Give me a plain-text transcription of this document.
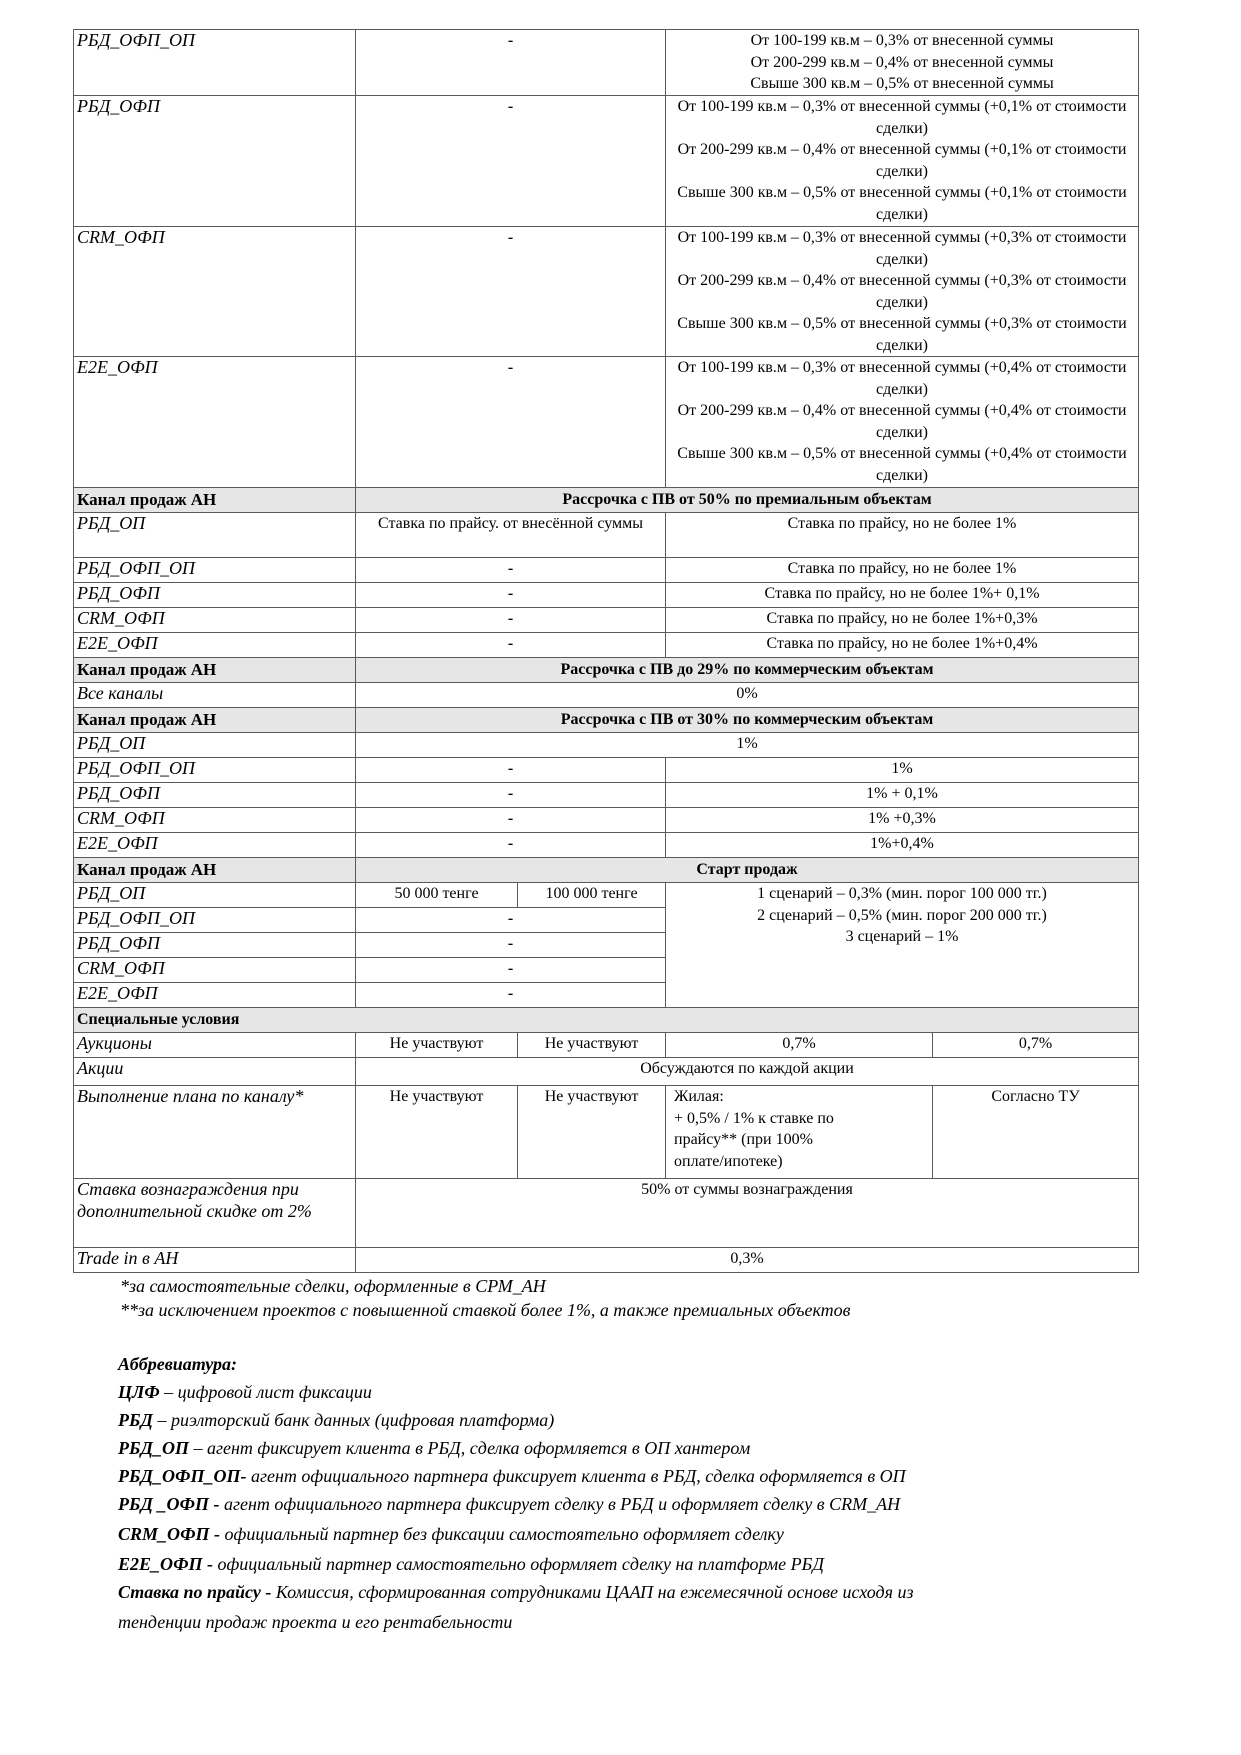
РБД_ОФП_ОП	-		От 100-199 кв.м – 0,3% от внесенной суммы
От 200-299 кв.м – 0,4% от внесенной суммы
Свыше 300 кв.м – 0,5% от внесенной суммы	

РБД_ОФП	-		От 100-199 кв.м – 0,3% от внесенной суммы (+0,1% от стоимости сделки)
От 200-299 кв.м – 0,4% от внесенной суммы (+0,1% от стоимости сделки)
Свыше 300 кв.м – 0,5% от внесенной суммы (+0,1% от стоимости сделки)	

CRM_ОФП	-		От 100-199 кв.м – 0,3% от внесенной суммы (+0,3% от стоимости сделки)
От 200-299 кв.м – 0,4% от внесенной суммы (+0,3% от стоимости сделки)
Свыше 300 кв.м – 0,5% от внесенной суммы (+0,3% от стоимости сделки)	

E2E_ОФП	-		От 100-199 кв.м – 0,3% от внесенной суммы (+0,4% от стоимости сделки)
От 200-299 кв.м – 0,4% от внесенной суммы (+0,4% от стоимости сделки)
Свыше 300 кв.м – 0,5% от внесенной суммы (+0,4% от стоимости сделки)	

Канал продаж АН	Рассрочка с ПВ от 50% по премиальным объектам			
РБД_ОП	Ставка по прайсу. от внесённой суммы		Ставка по прайсу, но не более 1%	
РБД_ОФП_ОП	-		Ставка по прайсу, но не более 1%	
РБД_ОФП	-		Ставка по прайсу, но не более 1%+ 0,1%	
CRM_ОФП	-		Ставка по прайсу, но не более 1%+0,3%	
E2E_ОФП	-		Ставка по прайсу, но не более 1%+0,4%	
Канал продаж АН	Рассрочка с ПВ до 29% по коммерческим объектам			
Все каналы	0%			
Канал продаж АН	Рассрочка с ПВ от 30% по коммерческим объектам			
РБД_ОП	1%			
РБД_ОФП_ОП	-		1%	
РБД_ОФП	-		1% + 0,1%	
CRM_ОФП	-		1% +0,3%	
E2E_ОФП	-		1%+0,4%	
Канал продаж АН	Старт продаж			
РБД_ОП	50 000 тенге	100 000 тенге	1 сценарий – 0,3% (мин. порог 100 000 тг.)
2 сценарий – 0,5% (мин. порог 200 000 тг.)
3 сценарий – 1%	

РБД_ОФП_ОП	-			
РБД_ОФП	-			
CRM_ОФП	-			
E2E_ОФП	-			
Специальные условия				
Аукционы	Не участвуют	Не участвуют	0,7%	0,7%
Акции	Обсуждаются по каждой акции			
Выполнение плана по каналу*	Не участвуют	Не участвуют	Жилая:
+ 0,5% / 1% к ставке по
прайсу** (при 100%
оплате/ипотеке)	Согласно ТУ
Ставка вознаграждения при дополнительной скидке от 2%	50% от суммы вознаграждения			
Trade in в АН	0,3%			
*за самостоятельные сделки, оформленные в СРМ_АН
**за исключением проектов с повышенной ставкой более 1%, а также премиальных объектов
Аббревиатура:
ЦЛФ – цифровой лист фиксации
РБД – риэлторский банк данных (цифровая платформа)
РБД_ОП – агент фиксирует клиента в РБД, сделка оформляется в ОП хантером
РБД_ОФП_ОП- агент официального партнера фиксирует клиента в РБД, сделка оформляется в ОП
РБД _ОФП - агент официального партнера фиксирует сделку в РБД и оформляет сделку в CRM_АН
CRM_ОФП - официальный партнер без фиксации самостоятельно оформляет сделку
E2E_ОФП - официальный партнер самостоятельно оформляет сделку на платформе РБД
Ставка по прайсу - Комиссия, сформированная сотрудниками ЦААП на ежемесячной основе исходя из
тенденции продаж проекта и его рентабельности
